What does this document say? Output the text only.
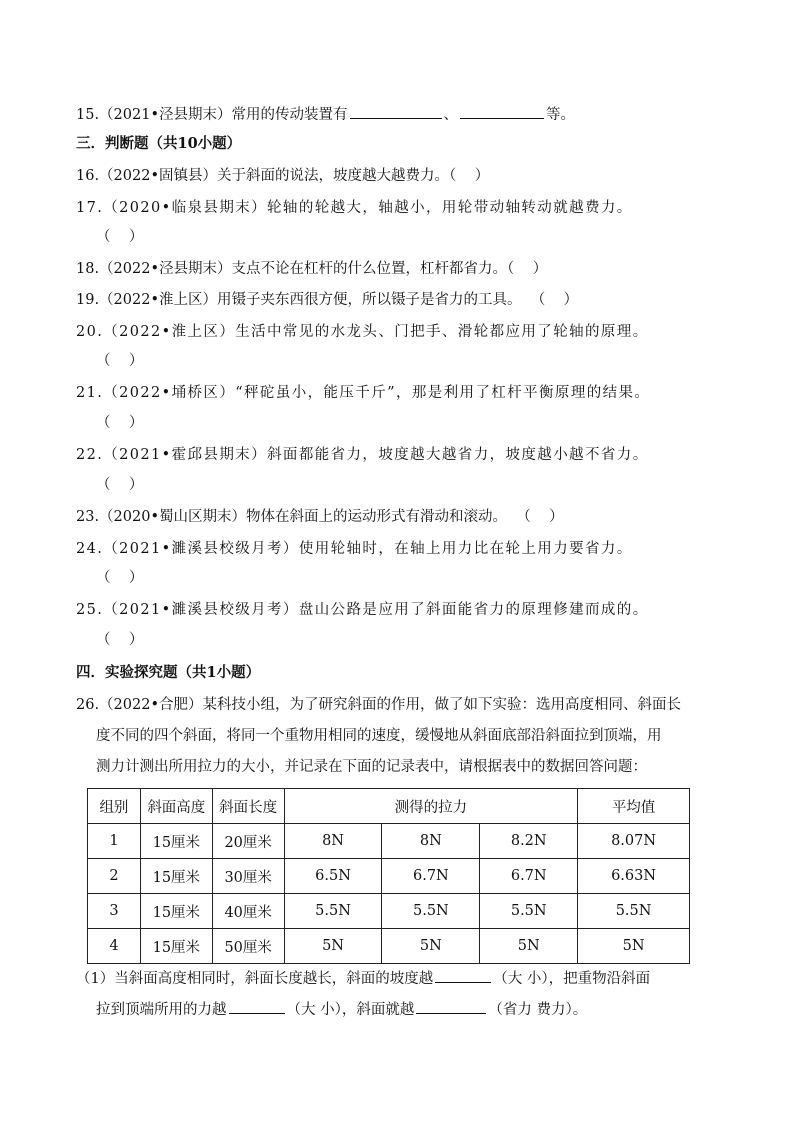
15.（2021•泾县期末）常用的传动装置有	、	等。
三．判断题（共10小题）
16.（2022•固镇县）关于斜面的说法，坡度越大越费力。（    ）
17.（2020•临泉县期末）轮轴的轮越大，轴越小，用轮带动轴转动就越费力。
（    ）
18.（2022•泾县期末）支点不论在杠杆的什么位置，杠杆都省力。（    ）
19.（2022•淮上区）用镊子夹东西很方便，所以镊子是省力的工具。  （    ）
20.（2022•淮上区）生活中常见的水龙头、门把手、滑轮都应用了轮轴的原理。
（    ）
21.（2022•埇桥区）“秤砣虽小，能压千斤”，那是利用了杠杆平衡原理的结果。
（    ）
22.（2021•霍邱县期末）斜面都能省力，坡度越大越省力，坡度越小越不省力。
（    ）
23.（2020•蜀山区期末）物体在斜面上的运动形式有滑动和滚动。  （    ）
24.（2021•濉溪县校级月考）使用轮轴时，在轴上用力比在轮上用力要省力。
（    ）
25.（2021•濉溪县校级月考）盘山公路是应用了斜面能省力的原理修建而成的。
（    ）
四．实验探究题（共1小题）
26.（2022•合肥）某科技小组，为了研究斜面的作用，做了如下实验：选用高度相同、斜面长
度不同的四个斜面，将同一个重物用相同的速度，缓慢地从斜面底部沿斜面拉到顶端，用
测力计测出所用拉力的大小，并记录在下面的记录表中，请根据表中的数据回答问题：
组别	斜面高度	斜面长度	测得的拉力			平均值
1	15厘米	20厘米	8N	8N	8.2N	8.07N
2	15厘米	30厘米	6.5N	6.7N	6.7N	6.63N
3	15厘米	40厘米	5.5N	5.5N	5.5N	5.5N
4	15厘米	50厘米	5N	5N	5N	5N
（1）当斜面高度相同时，斜面长度越长，斜面的坡度越	（大 小），把重物沿斜面
拉到顶端所用的力越	（大 小），斜面就越	（省力 费力）。
